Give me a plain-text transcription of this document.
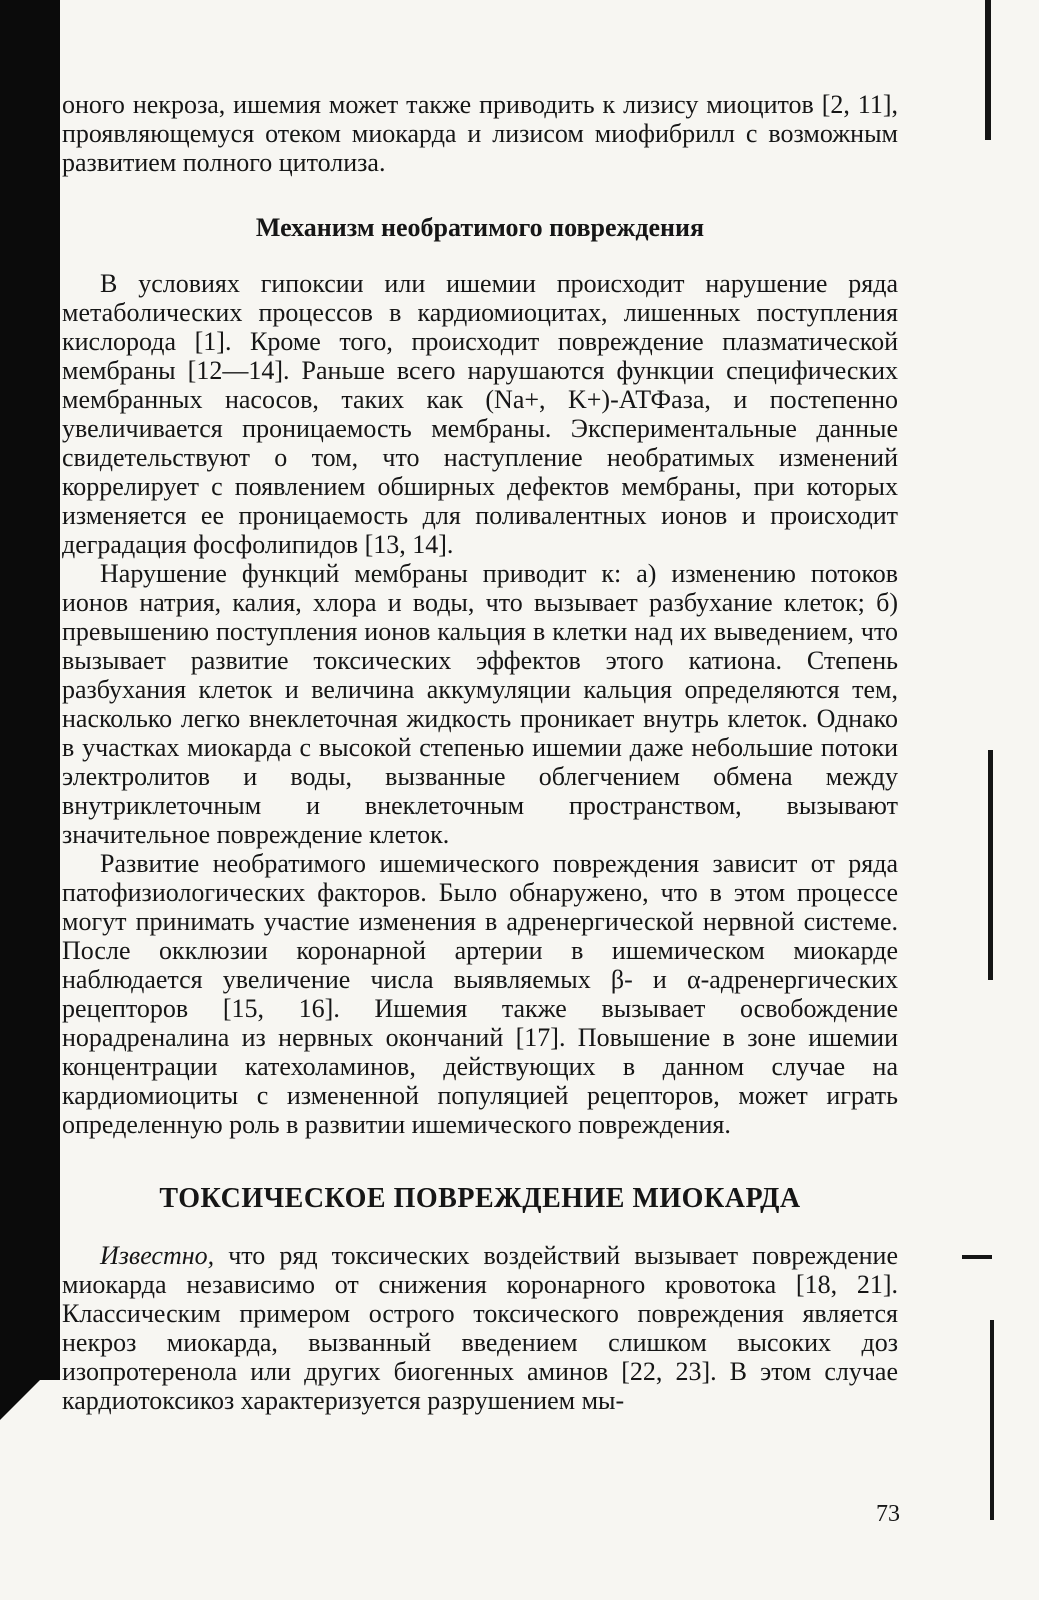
оного некроза, ишемия может также приводить к лизису миоцитов [2, 11], проявляющемуся отеком миокарда и лизисом миофибрилл с возможным развитием полного цитолиза.

Механизм необратимого повреждения

В условиях гипоксии или ишемии происходит нарушение ряда метаболических процессов в кардиомиоцитах, лишенных поступления кислорода [1]. Кроме того, происходит повреждение плазматической мембраны [12—14]. Раньше всего нарушаются функции специфических мембранных насосов, таких как (Na+, K+)-АТФаза, и постепенно увеличивается проницаемость мембраны. Экспериментальные данные свидетельствуют о том, что наступление необратимых изменений коррелирует с появлением обширных дефектов мембраны, при которых изменяется ее проницаемость для поливалентных ионов и происходит деградация фосфолипидов [13, 14].

Нарушение функций мембраны приводит к: а) изменению потоков ионов натрия, калия, хлора и воды, что вызывает разбухание клеток; б) превышению поступления ионов кальция в клетки над их выведением, что вызывает развитие токсических эффектов этого катиона. Степень разбухания клеток и величина аккумуляции кальция определяются тем, насколько легко внеклеточная жидкость проникает внутрь клеток. Однако в участках миокарда с высокой степенью ишемии даже небольшие потоки электролитов и воды, вызванные облегчением обмена между внутриклеточным и внеклеточным пространством, вызывают значительное повреждение клеток.

Развитие необратимого ишемического повреждения зависит от ряда патофизиологических факторов. Было обнаружено, что в этом процессе могут принимать участие изменения в адренергической нервной системе. После окклюзии коронарной артерии в ишемическом миокарде наблюдается увеличение числа выявляемых β- и α-адренергических рецепторов [15, 16]. Ишемия также вызывает освобождение норадреналина из нервных окончаний [17]. Повышение в зоне ишемии концентрации катехоламинов, действующих в данном случае на кардиомиоциты с измененной популяцией рецепторов, может играть определенную роль в развитии ишемического повреждения.

ТОКСИЧЕСКОЕ ПОВРЕЖДЕНИЕ МИОКАРДА

Известно, что ряд токсических воздействий вызывает повреждение миокарда независимо от снижения коронарного кровотока [18, 21]. Классическим примером острого токсического повреждения является некроз миокарда, вызванный введением слишком высоких доз изопротеренола или других биогенных аминов [22, 23]. В этом случае кардиотоксикоз характеризуется разрушением мы-

73
